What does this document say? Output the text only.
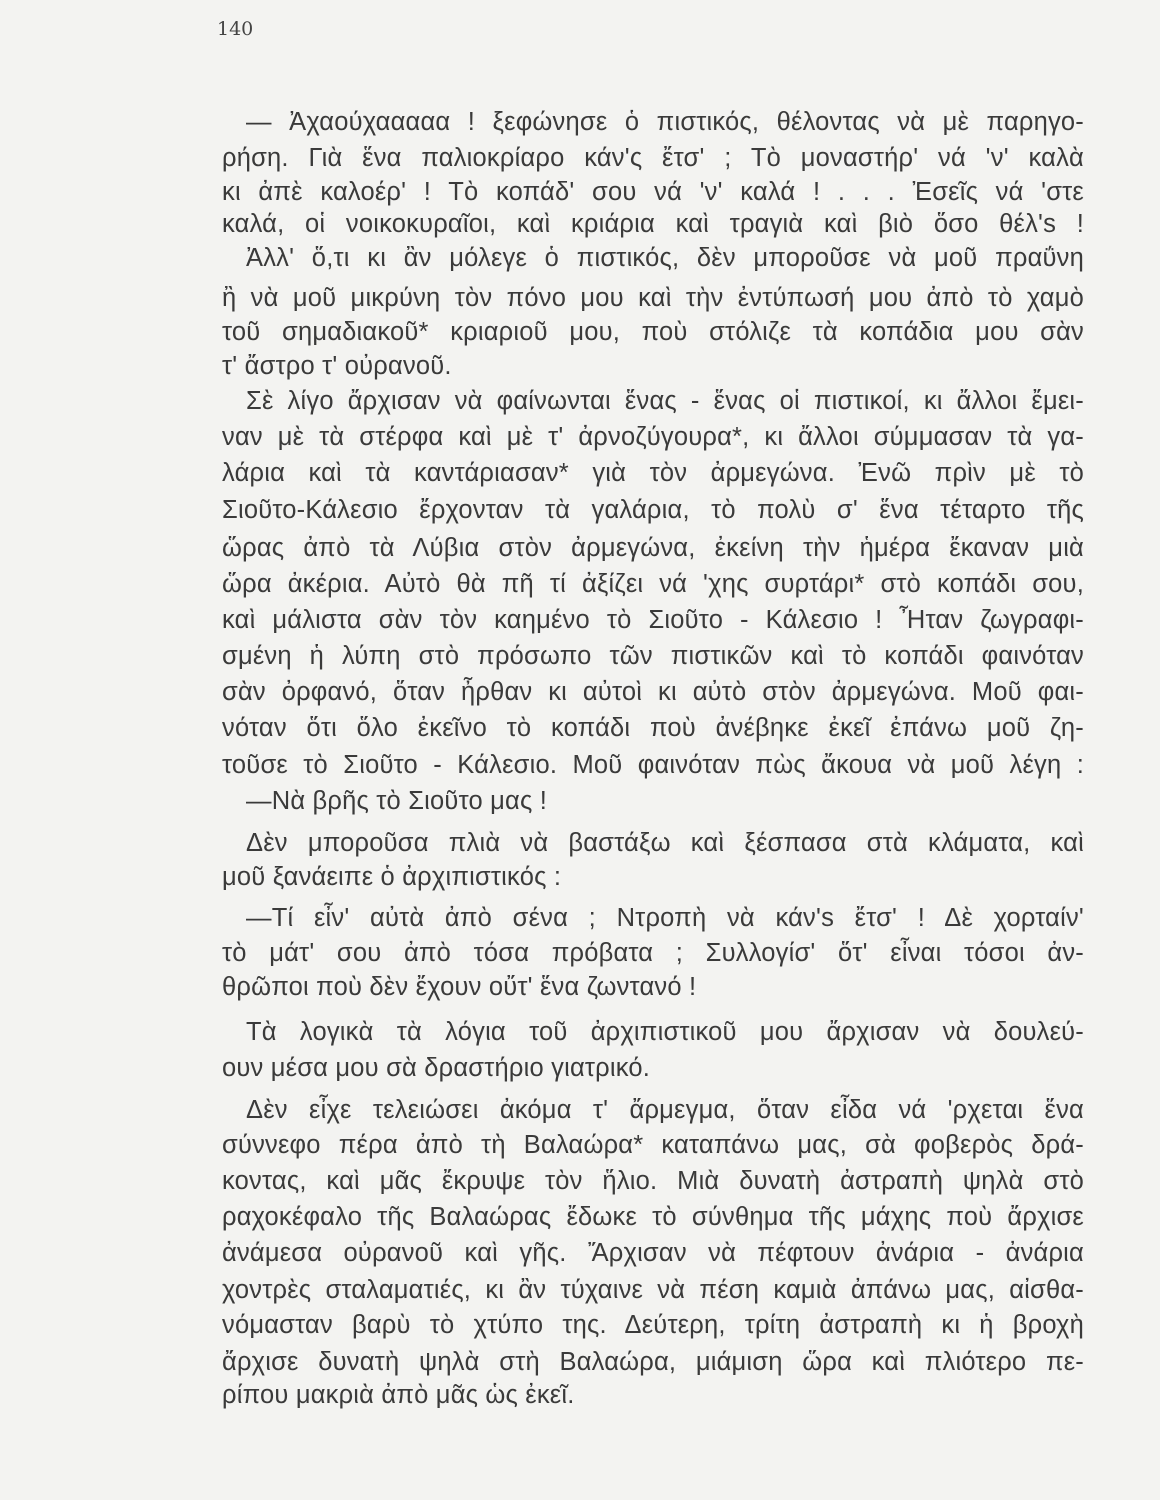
140
— Ἀχαούχααααα ! ξεφώνησε ὁ πιστικός, θέλοντας νὰ μὲ παρηγο-
ρήση. Γιὰ ἕνα παλιοκρίαρο κάν'ς ἔτσ' ; Τὸ μοναστήρ' νά 'ν' καλὰ
κι ἀπὲ καλοέρ' ! Τὸ κοπάδ' σου νά 'ν' καλά ! . . . Ἐσεῖς νά 'στε
καλά, οἱ νοικοκυραῖοι, καὶ κριάρια καὶ τραγιὰ καὶ βιὸ ὅσο θέλ's !
Ἀλλ' ὅ,τι κι ἂν μόλεγε ὁ πιστικός, δὲν μποροῦσε νὰ μοῦ πραΰνη
ἢ νὰ μοῦ μικρύνη τὸν πόνο μου καὶ τὴν ἐντύπωσή μου ἀπὸ τὸ χαμὸ
τοῦ σημαδιακοῦ* κριαριοῦ μου, ποὺ στόλιζε τὰ κοπάδια μου σὰν
τ' ἄστρο τ' οὐρανοῦ.
Σὲ λίγο ἄρχισαν νὰ φαίνωνται ἕνας - ἕνας οἱ πιστικοί, κι ἄλλοι ἔμει-
ναν μὲ τὰ στέρφα καὶ μὲ τ' ἀρνοζύγουρα*, κι ἄλλοι σύμμασαν τὰ γα-
λάρια καὶ τὰ καντάριασαν* γιὰ τὸν ἀρμεγώνα. Ἐνῶ πρὶν μὲ τὸ
Σιοῦτο-Κάλεσιο ἔρχονταν τὰ γαλάρια, τὸ πολὺ σ' ἕνα τέταρτο τῆς
ὥρας ἀπὸ τὰ Λύβια στὸν ἀρμεγώνα, ἐκείνη τὴν ἡμέρα ἔκαναν μιὰ
ὥρα ἀκέρια. Αὐτὸ θὰ πῆ τί ἀξίζει νά 'χης συρτάρι* στὸ κοπάδι σου,
καὶ μάλιστα σὰν τὸν καημένο τὸ Σιοῦτο - Κάλεσιο ! Ἦταν ζωγραφι-
σμένη ἡ λύπη στὸ πρόσωπο τῶν πιστικῶν καὶ τὸ κοπάδι φαινόταν
σὰν ὀρφανό, ὅταν ἦρθαν κι αὐτοὶ κι αὐτὸ στὸν ἀρμεγώνα. Μοῦ φαι-
νόταν ὅτι ὅλο ἐκεῖνο τὸ κοπάδι ποὺ ἀνέβηκε ἐκεῖ ἐπάνω μοῦ ζη-
τοῦσε τὸ Σιοῦτο - Κάλεσιο. Μοῦ φαινόταν πὼς ἄκουα νὰ μοῦ λέγη :
—Νὰ βρῆς τὸ Σιοῦτο μας !
Δὲν μποροῦσα πλιὰ νὰ βαστάξω καὶ ξέσπασα στὰ κλάματα, καὶ
μοῦ ξανάειπε ὁ ἀρχιπιστικός :
—Τί εἶν' αὐτὰ ἀπὸ σένα ; Ντροπὴ νὰ κάν's ἔτσ' ! Δὲ χορταίν'
τὸ μάτ' σου ἀπὸ τόσα πρόβατα ; Συλλογίσ' ὅτ' εἶναι τόσοι ἀν-
θρῶποι ποὺ δὲν ἔχουν οὔτ' ἕνα ζωντανό !
Τὰ λογικὰ τὰ λόγια τοῦ ἀρχιπιστικοῦ μου ἄρχισαν νὰ δουλεύ-
ουν μέσα μου σὰ δραστήριο γιατρικό.
Δὲν εἶχε τελειώσει ἀκόμα τ' ἄρμεγμα, ὅταν εἶδα νά 'ρχεται ἕνα
σύννεφο πέρα ἀπὸ τὴ Βαλαώρα* καταπάνω μας, σὰ φοβερὸς δρά-
κοντας, καὶ μᾶς ἔκρυψε τὸν ἥλιο. Μιὰ δυνατὴ ἀστραπὴ ψηλὰ στὸ
ραχοκέφαλο τῆς Βαλαώρας ἔδωκε τὸ σύνθημα τῆς μάχης ποὺ ἄρχισε
ἀνάμεσα οὐρανοῦ καὶ γῆς. Ἄρχισαν νὰ πέφτουν ἀνάρια - ἀνάρια
χοντρὲς σταλαματιές, κι ἂν τύχαινε νὰ πέση καμιὰ ἀπάνω μας, αἰσθα-
νόμασταν βαρὺ τὸ χτύπο της. Δεύτερη, τρίτη ἀστραπὴ κι ἡ βροχὴ
ἄρχισε δυνατὴ ψηλὰ στὴ Βαλαώρα, μιάμιση ὥρα καὶ πλιότερο πε-
ρίπου μακριὰ ἀπὸ μᾶς ὡς ἐκεῖ.
